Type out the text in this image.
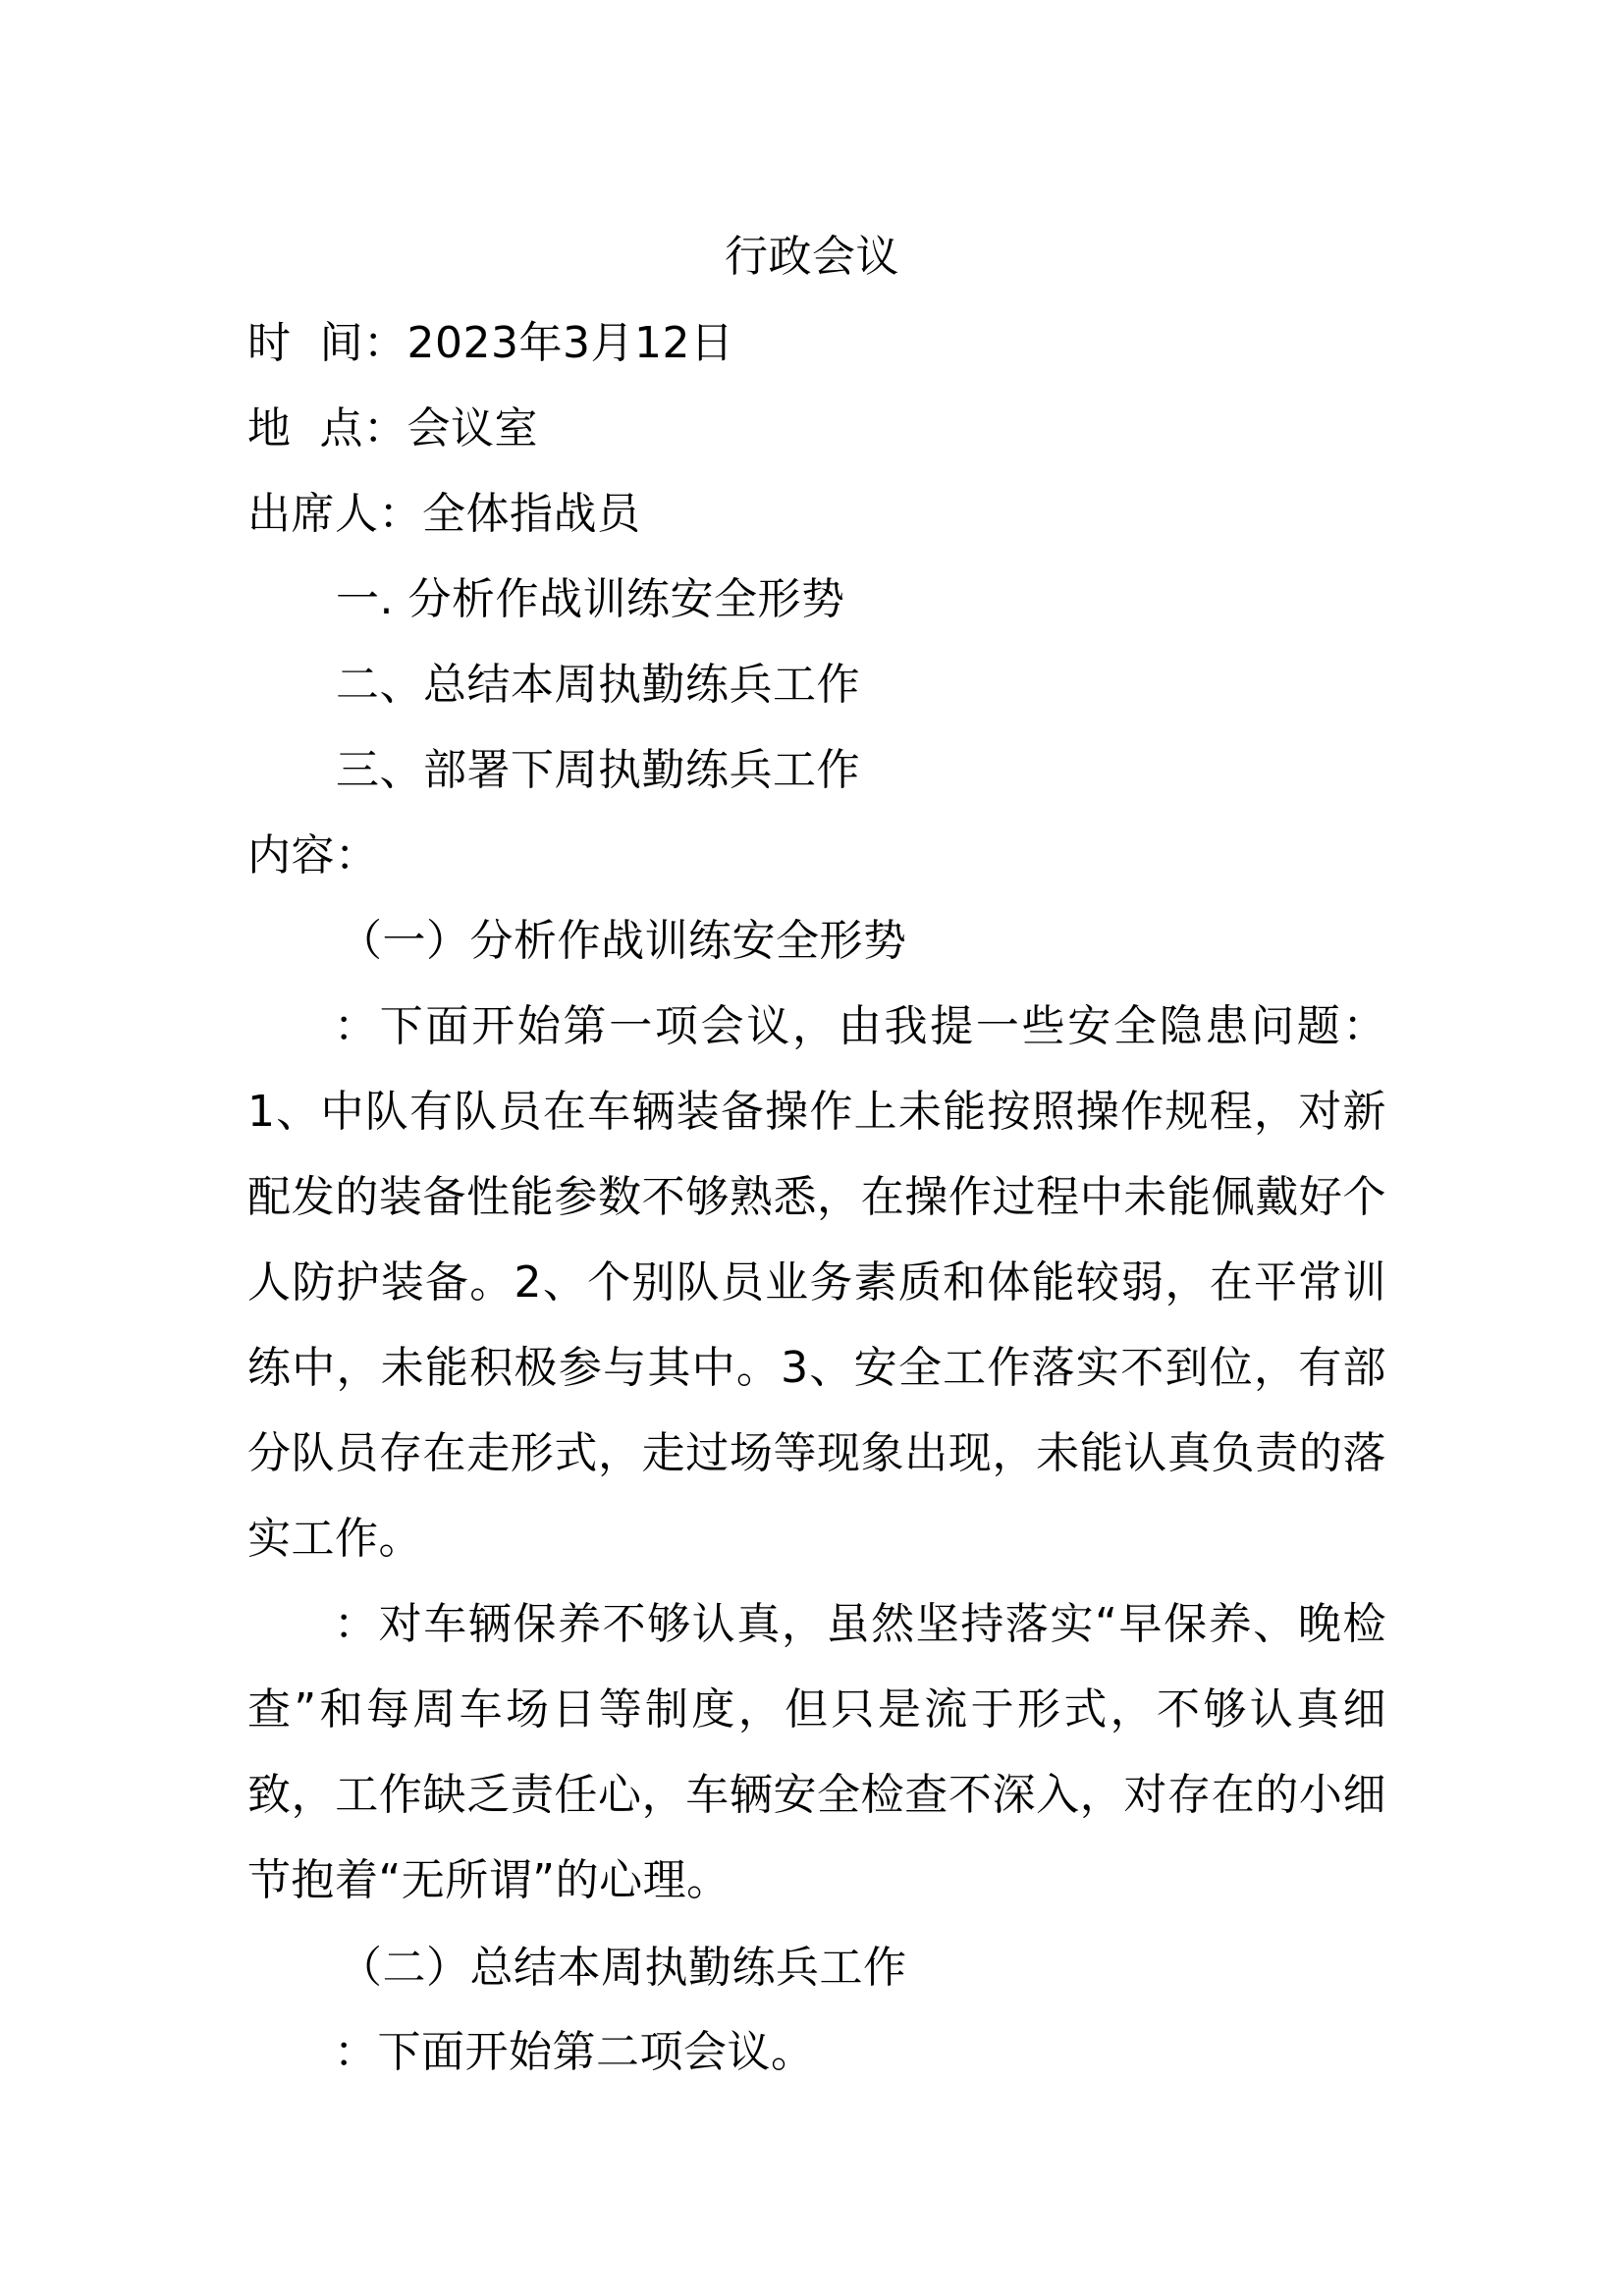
行政会议
时  间：2023年3月12日
地  点：会议室
出席人：全体指战员
一. 分析作战训练安全形势
二、总结本周执勤练兵工作
三、部署下周执勤练兵工作
内容：
（一）分析作战训练安全形势
：下面开始第一项会议，由我提一些安全隐患问题：1、中队有队员在车辆装备操作上未能按照操作规程，对新配发的装备性能参数不够熟悉，在操作过程中未能佩戴好个人防护装备。2、个别队员业务素质和体能较弱，在平常训练中，未能积极参与其中。3、安全工作落实不到位，有部分队员存在走形式，走过场等现象出现，未能认真负责的落实工作。
：对车辆保养不够认真，虽然坚持落实“早保养、晚检查”和每周车场日等制度，但只是流于形式，不够认真细致，工作缺乏责任心，车辆安全检查不深入，对存在的小细节抱着“无所谓”的心理。
（二）总结本周执勤练兵工作
：下面开始第二项会议。
